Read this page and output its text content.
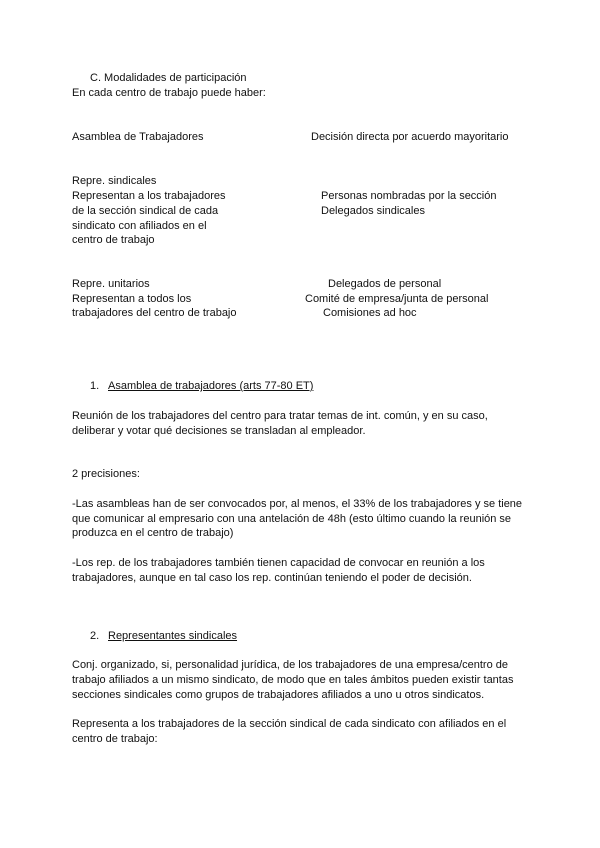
C. Modalidades de participación
En cada centro de trabajo puede haber:
Asamblea de Trabajadores	Decisión directa por acuerdo mayoritario
Repre. sindicales
Representan a los trabajadores
de la sección sindical de cada
sindicato con afiliados en el
centro de trabajo
Personas nombradas por la sección
Delegados sindicales
Repre. unitarios
Representan a todos los
trabajadores del centro de trabajo
Delegados de personal
Comité de empresa/junta de personal
Comisiones ad hoc
1. Asamblea de trabajadores (arts 77-80 ET)
Reunión de los trabajadores del centro para tratar temas de int. común, y en su caso,
deliberar y votar qué decisiones se transladan al empleador.
2 precisiones:
-Las asambleas han de ser convocados por, al menos, el 33% de los trabajadores y se tiene
que comunicar al empresario con una antelación de 48h (esto último cuando la reunión se
produzca en el centro de trabajo)
-Los rep. de los trabajadores también tienen capacidad de convocar en reunión a los
trabajadores, aunque en tal caso los rep. continúan teniendo el poder de decisión.
2. Representantes sindicales
Conj. organizado, si, personalidad jurídica, de los trabajadores de una empresa/centro de
trabajo afiliados a un mismo sindicato, de modo que en tales ámbitos pueden existir tantas
secciones sindicales como grupos de trabajadores afiliados a uno u otros sindicatos.
Representa a los trabajadores de la sección sindical de cada sindicato con afiliados en el
centro de trabajo:
